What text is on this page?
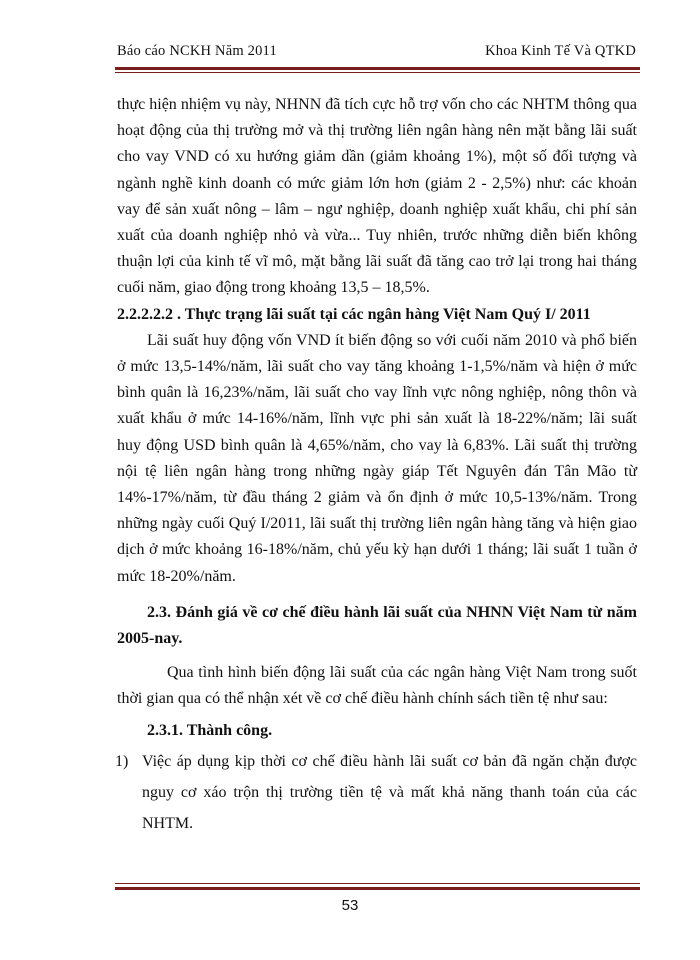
Báo cáo NCKH Năm 2011	Khoa Kinh Tế Và QTKD

thực hiện nhiệm vụ này, NHNN đã tích cực hỗ trợ vốn cho các NHTM thông qua hoạt động của thị trường mở và thị trường liên ngân hàng nên mặt bằng lãi suất cho vay VND có xu hướng giảm dần (giảm khoảng 1%), một số đối tượng và ngành nghề kinh doanh có mức giảm lớn hơn (giảm 2 - 2,5%) như: các khoản vay để sản xuất nông – lâm – ngư nghiệp, doanh nghiệp xuất khẩu, chi phí sản xuất của doanh nghiệp nhỏ và vừa... Tuy nhiên, trước những diễn biến không thuận lợi của kinh tế vĩ mô, mặt bằng lãi suất đã tăng cao trở lại trong hai tháng cuối năm, giao động trong khoảng 13,5 – 18,5%.

2.2.2.2.2 . Thực trạng lãi suất tại các ngân hàng Việt Nam Quý I/ 2011

Lãi suất huy động vốn VND ít biến động so với cuối năm 2010 và phổ biến ở mức 13,5-14%/năm, lãi suất cho vay tăng khoảng 1-1,5%/năm và hiện ở mức bình quân là 16,23%/năm, lãi suất cho vay lĩnh vực nông nghiệp, nông thôn và xuất khẩu ở mức 14-16%/năm, lĩnh vực phi sản xuất là 18-22%/năm; lãi suất huy động USD bình quân là 4,65%/năm, cho vay là 6,83%. Lãi suất thị trường nội tệ liên ngân hàng trong những ngày giáp Tết Nguyên đán Tân Mão từ 14%-17%/năm, từ đầu tháng 2 giảm và ổn định ở mức 10,5-13%/năm. Trong những ngày cuối Quý I/2011, lãi suất thị trường liên ngân hàng tăng và hiện giao dịch ở mức khoảng 16-18%/năm, chủ yếu kỳ hạn dưới 1 tháng; lãi suất 1 tuần ở mức 18-20%/năm.

2.3. Đánh giá về cơ chế điều hành lãi suất của NHNN Việt Nam từ năm 2005-nay.

Qua tình hình biến động lãi suất của các ngân hàng Việt Nam trong suốt thời gian qua có thể nhận xét về cơ chế điều hành chính sách tiền tệ như sau:

2.3.1. Thành công.

1) Việc áp dụng kịp thời cơ chế điều hành lãi suất cơ bản đã ngăn chặn được nguy cơ xáo trộn thị trường tiền tệ và mất khả năng thanh toán của các NHTM.

53
